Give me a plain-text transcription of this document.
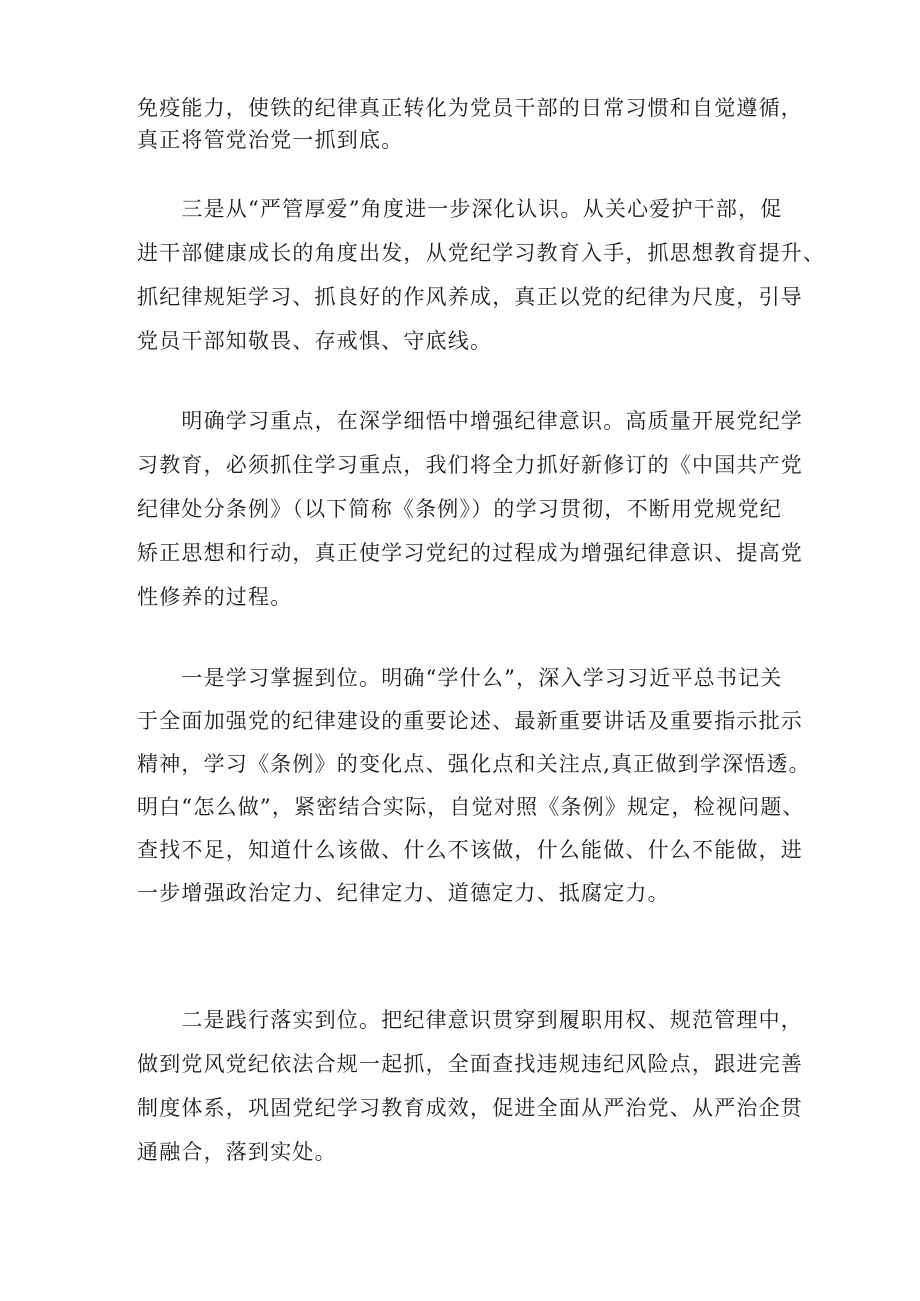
免疫能力，使铁的纪律真正转化为党员干部的日常习惯和自觉遵循，
真正将管党治党一抓到底。
　　三是从“严管厚爱”角度进一步深化认识。从关心爱护干部，促
进干部健康成长的角度出发，从党纪学习教育入手，抓思想教育提升、
抓纪律规矩学习、抓良好的作风养成，真正以党的纪律为尺度，引导
党员干部知敬畏、存戒惧、守底线。
　　明确学习重点，在深学细悟中增强纪律意识。高质量开展党纪学
习教育，必须抓住学习重点，我们将全力抓好新修订的《中国共产党
纪律处分条例》（以下简称《条例》）的学习贯彻，不断用党规党纪
矫正思想和行动，真正使学习党纪的过程成为增强纪律意识、提高党
性修养的过程。
　　一是学习掌握到位。明确“学什么”，深入学习习近平总书记关
于全面加强党的纪律建设的重要论述、最新重要讲话及重要指示批示
精神，学习《条例》的变化点、强化点和关注点,真正做到学深悟透。
明白“怎么做”，紧密结合实际，自觉对照《条例》规定，检视问题、
查找不足，知道什么该做、什么不该做，什么能做、什么不能做，进
一步增强政治定力、纪律定力、道德定力、抵腐定力。
　　二是践行落实到位。把纪律意识贯穿到履职用权、规范管理中，
做到党风党纪依法合规一起抓，全面查找违规违纪风险点，跟进完善
制度体系，巩固党纪学习教育成效，促进全面从严治党、从严治企贯
通融合，落到实处。
